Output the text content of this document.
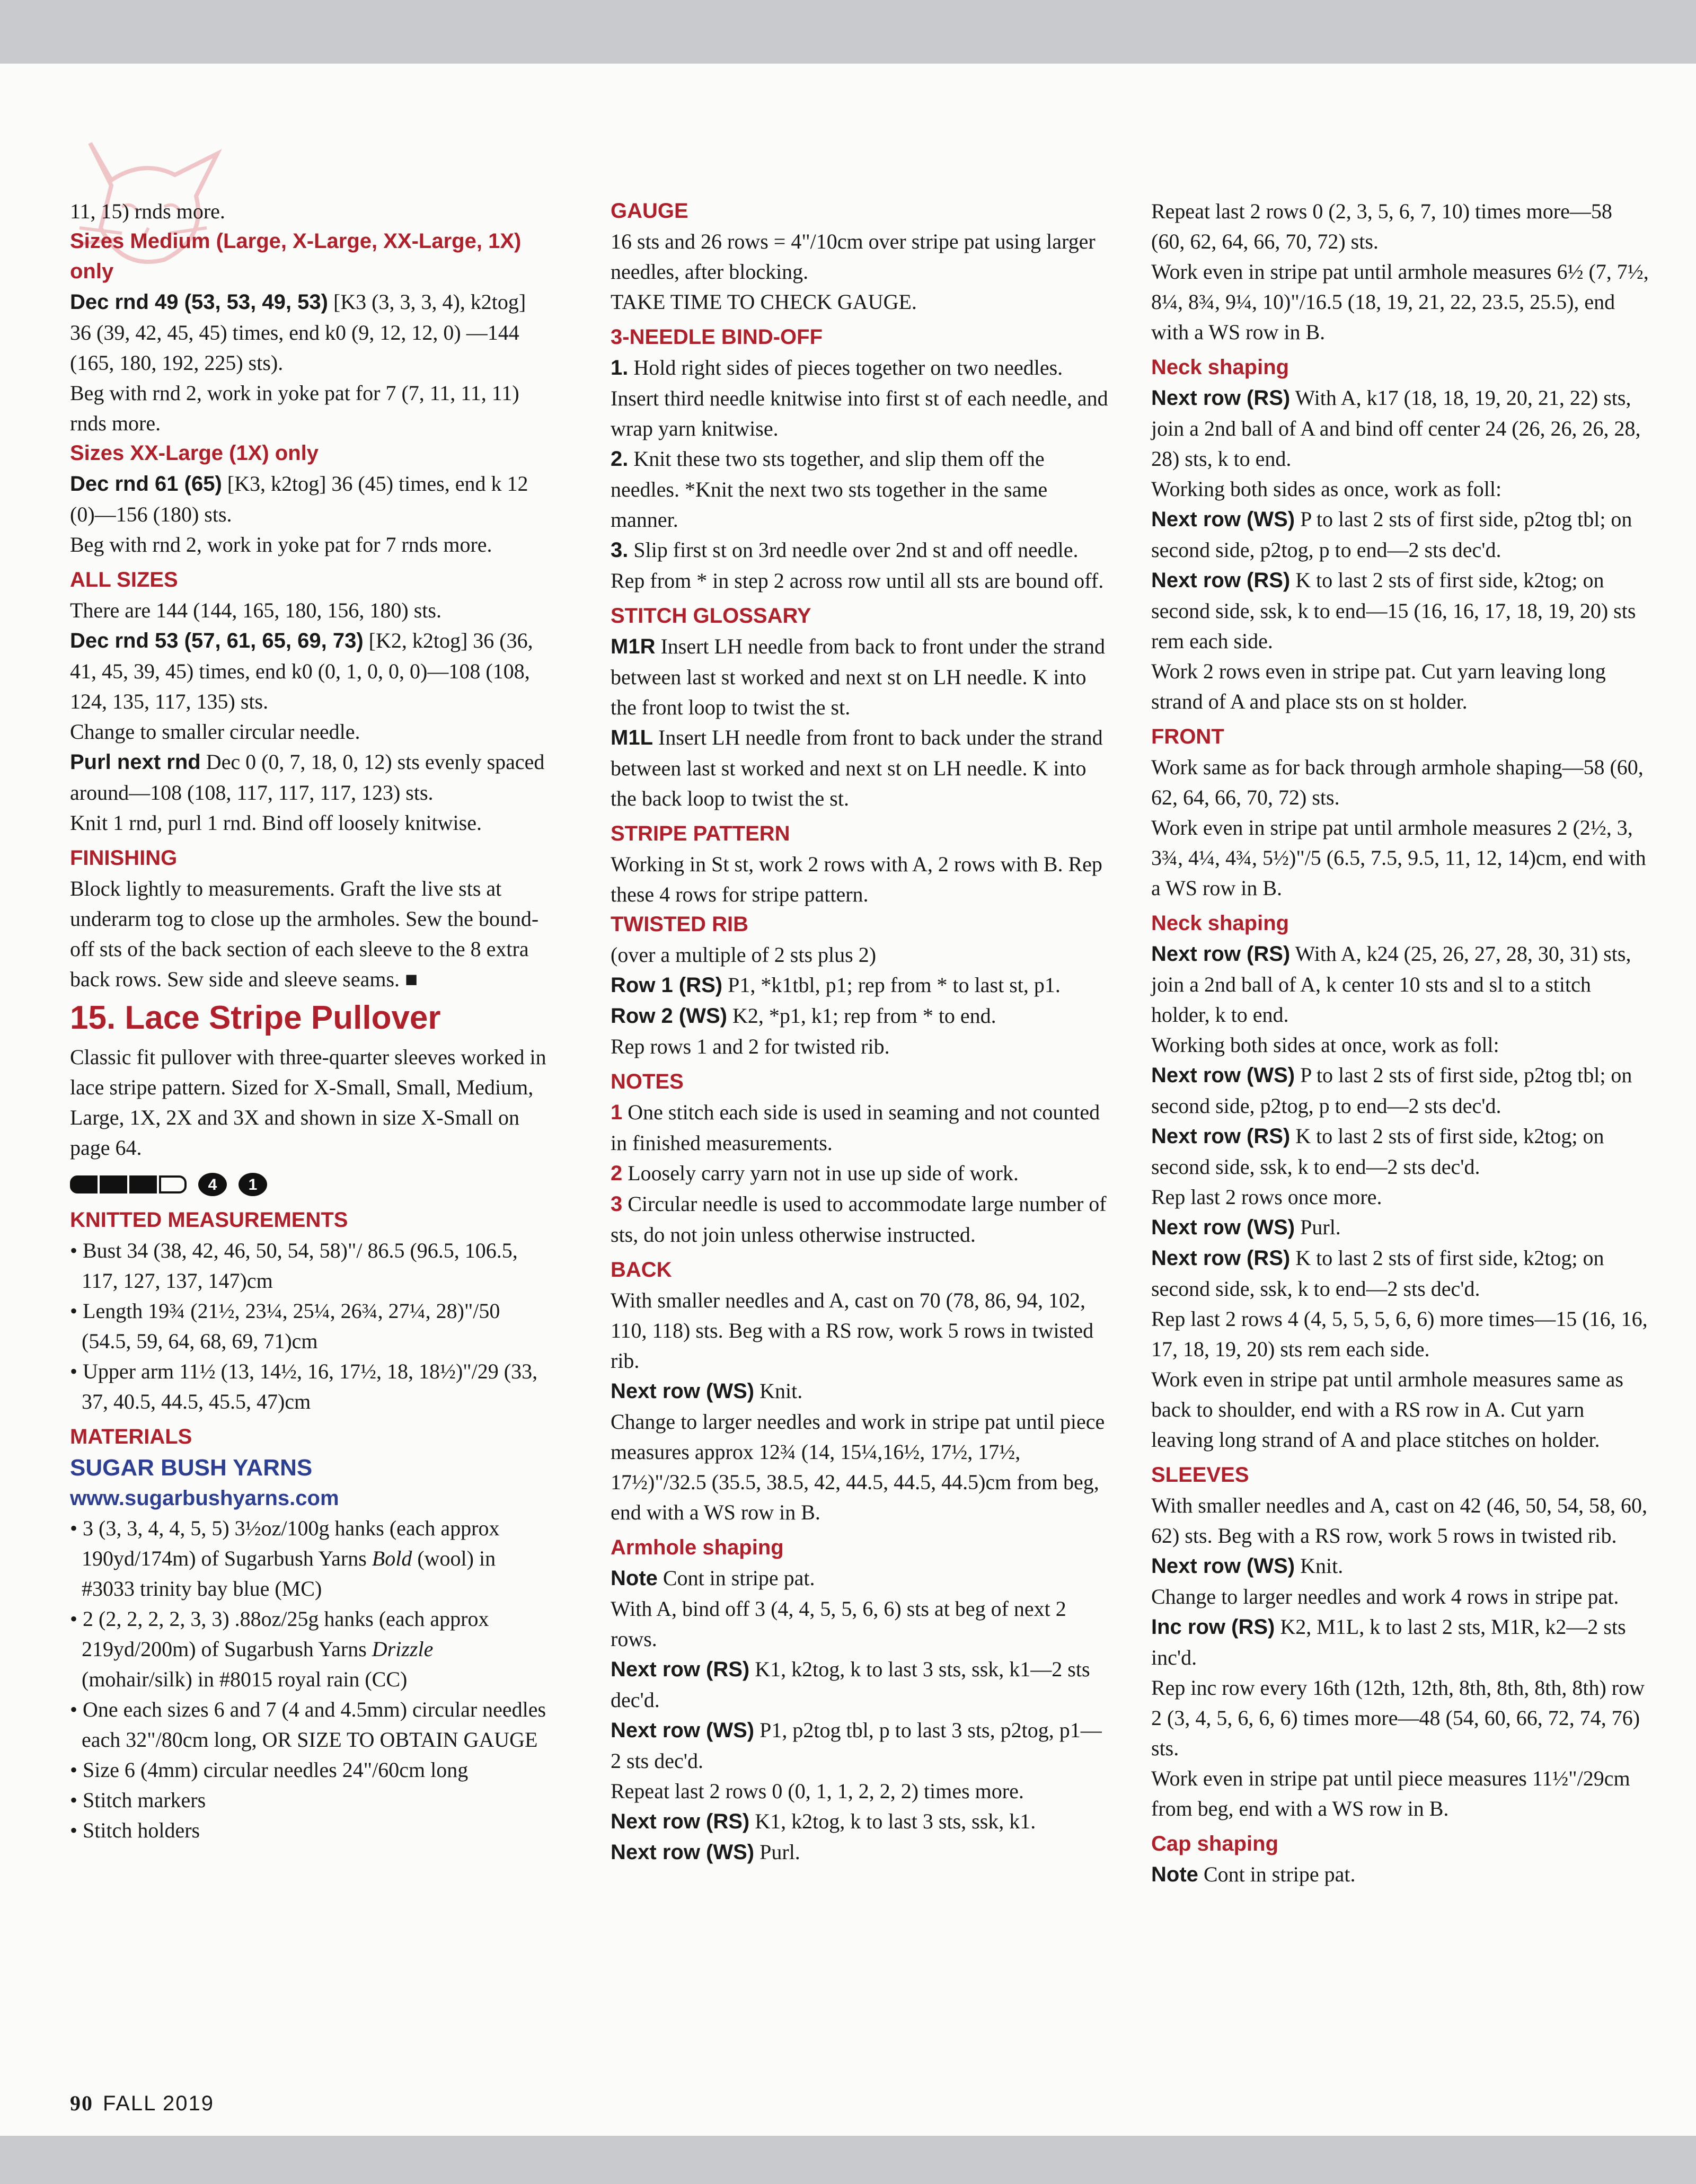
11, 15) rnds more.

Sizes Medium (Large, X-Large, XX-Large, 1X) only

Dec rnd 49 (53, 53, 49, 53) [K3 (3, 3, 3, 4), k2tog] 36 (39, 42, 45, 45) times, end k0 (9, 12, 12, 0) —144 (165, 180, 192, 225) sts).

Beg with rnd 2, work in yoke pat for 7 (7, 11, 11, 11) rnds more.

Sizes XX-Large (1X) only

Dec rnd 61 (65) [K3, k2tog] 36 (45) times, end k 12 (0)—156 (180) sts.

Beg with rnd 2, work in yoke pat for 7 rnds more.

ALL SIZES

There are 144 (144, 165, 180, 156, 180) sts.

Dec rnd 53 (57, 61, 65, 69, 73) [K2, k2tog] 36 (36, 41, 45, 39, 45) times, end k0 (0, 1, 0, 0, 0)—108 (108, 124, 135, 117, 135) sts.

Change to smaller circular needle.

Purl next rnd Dec 0 (0, 7, 18, 0, 12) sts evenly spaced around—108 (108, 117, 117, 117, 123) sts.

Knit 1 rnd, purl 1 rnd. Bind off loosely knitwise.

FINISHING

Block lightly to measurements. Graft the live sts at underarm tog to close up the armholes. Sew the bound-off sts of the back section of each sleeve to the 8 extra back rows. Sew side and sleeve seams. ■

15. Lace Stripe Pullover

Classic fit pullover with three-quarter sleeves worked in lace stripe pattern. Sized for X-Small, Small, Medium, Large, 1X, 2X and 3X and shown in size X-Small on page 64.

4	1

KNITTED MEASUREMENTS

• Bust 34 (38, 42, 46, 50, 54, 58)"/ 86.5 (96.5, 106.5, 117, 127, 137, 147)cm

• Length 19¾ (21½, 23¼, 25¼, 26¾, 27¼, 28)"/50 (54.5, 59, 64, 68, 69, 71)cm

• Upper arm 11½ (13, 14½, 16, 17½, 18, 18½)"/29 (33, 37, 40.5, 44.5, 45.5, 47)cm

MATERIALS

SUGAR BUSH YARNS

www.sugarbushyarns.com

• 3 (3, 3, 4, 4, 5, 5) 3½oz/100g hanks (each approx 190yd/174m) of Sugarbush Yarns Bold (wool) in #3033 trinity bay blue (MC)

• 2 (2, 2, 2, 2, 3, 3) .88oz/25g hanks (each approx 219yd/200m) of Sugarbush Yarns Drizzle (mohair/silk) in #8015 royal rain (CC)

• One each sizes 6 and 7 (4 and 4.5mm) circular needles each 32"/80cm long, OR SIZE TO OBTAIN GAUGE

• Size 6 (4mm) circular needles 24"/60cm long

• Stitch markers

• Stitch holders

GAUGE

16 sts and 26 rows = 4"/10cm over stripe pat using larger needles, after blocking.

TAKE TIME TO CHECK GAUGE.

3-NEEDLE BIND-OFF

1. Hold right sides of pieces together on two needles. Insert third needle knitwise into first st of each needle, and wrap yarn knitwise.

2. Knit these two sts together, and slip them off the needles. *Knit the next two sts together in the same manner.

3. Slip first st on 3rd needle over 2nd st and off needle. Rep from * in step 2 across row until all sts are bound off.

STITCH GLOSSARY

M1R Insert LH needle from back to front under the strand between last st worked and next st on LH needle. K into the front loop to twist the st.

M1L Insert LH needle from front to back under the strand between last st worked and next st on LH needle. K into the back loop to twist the st.

STRIPE PATTERN

Working in St st, work 2 rows with A, 2 rows with B. Rep these 4 rows for stripe pattern.

TWISTED RIB

(over a multiple of 2 sts plus 2)

Row 1 (RS) P1, *k1tbl, p1; rep from * to last st, p1.

Row 2 (WS) K2, *p1, k1; rep from * to end.

Rep rows 1 and 2 for twisted rib.

NOTES

1 One stitch each side is used in seaming and not counted in finished measurements.

2 Loosely carry yarn not in use up side of work.

3 Circular needle is used to accommodate large number of sts, do not join unless otherwise instructed.

BACK

With smaller needles and A, cast on 70 (78, 86, 94, 102, 110, 118) sts. Beg with a RS row, work 5 rows in twisted rib.

Next row (WS) Knit.

Change to larger needles and work in stripe pat until piece measures approx 12¾ (14, 15¼,16½, 17½, 17½, 17½)"/32.5 (35.5, 38.5, 42, 44.5, 44.5, 44.5)cm from beg, end with a WS row in B.

Armhole shaping

Note Cont in stripe pat.

With A, bind off 3 (4, 4, 5, 5, 6, 6) sts at beg of next 2 rows.

Next row (RS) K1, k2tog, k to last 3 sts, ssk, k1—2 sts dec'd.

Next row (WS) P1, p2tog tbl, p to last 3 sts, p2tog, p1—2 sts dec'd.

Repeat last 2 rows 0 (0, 1, 1, 2, 2, 2) times more.

Next row (RS) K1, k2tog, k to last 3 sts, ssk, k1.

Next row (WS) Purl.

Repeat last 2 rows 0 (2, 3, 5, 6, 7, 10) times more—58 (60, 62, 64, 66, 70, 72) sts.

Work even in stripe pat until armhole measures 6½ (7, 7½, 8¼, 8¾, 9¼, 10)"/16.5 (18, 19, 21, 22, 23.5, 25.5), end with a WS row in B.

Neck shaping

Next row (RS) With A, k17 (18, 18, 19, 20, 21, 22) sts, join a 2nd ball of A and bind off center 24 (26, 26, 26, 28, 28) sts, k to end.

Working both sides as once, work as foll:

Next row (WS) P to last 2 sts of first side, p2tog tbl; on second side, p2tog, p to end—2 sts dec'd.

Next row (RS) K to last 2 sts of first side, k2tog; on second side, ssk, k to end—15 (16, 16, 17, 18, 19, 20) sts rem each side.

Work 2 rows even in stripe pat. Cut yarn leaving long strand of A and place sts on st holder.

FRONT

Work same as for back through armhole shaping—58 (60, 62, 64, 66, 70, 72) sts.

Work even in stripe pat until armhole measures 2 (2½, 3, 3¾, 4¼, 4¾, 5½)"/5 (6.5, 7.5, 9.5, 11, 12, 14)cm, end with a WS row in B.

Neck shaping

Next row (RS) With A, k24 (25, 26, 27, 28, 30, 31) sts, join a 2nd ball of A, k center 10 sts and sl to a stitch holder, k to end.

Working both sides at once, work as foll:

Next row (WS) P to last 2 sts of first side, p2tog tbl; on second side, p2tog, p to end—2 sts dec'd.

Next row (RS) K to last 2 sts of first side, k2tog; on second side, ssk, k to end—2 sts dec'd.

Rep last 2 rows once more.

Next row (WS) Purl.

Next row (RS) K to last 2 sts of first side, k2tog; on second side, ssk, k to end—2 sts dec'd.

Rep last 2 rows 4 (4, 5, 5, 5, 6, 6) more times—15 (16, 16, 17, 18, 19, 20) sts rem each side.

Work even in stripe pat until armhole measures same as back to shoulder, end with a RS row in A. Cut yarn leaving long strand of A and place stitches on holder.

SLEEVES

With smaller needles and A, cast on 42 (46, 50, 54, 58, 60, 62) sts. Beg with a RS row, work 5 rows in twisted rib.

Next row (WS) Knit.

Change to larger needles and work 4 rows in stripe pat.

Inc row (RS) K2, M1L, k to last 2 sts, M1R, k2—2 sts inc'd.

Rep inc row every 16th (12th, 12th, 8th, 8th, 8th, 8th) row 2 (3, 4, 5, 6, 6, 6) times more—48 (54, 60, 66, 72, 74, 76) sts.

Work even in stripe pat until piece measures 11½"/29cm from beg, end with a WS row in B.

Cap shaping

Note Cont in stripe pat.

90 FALL 2019
